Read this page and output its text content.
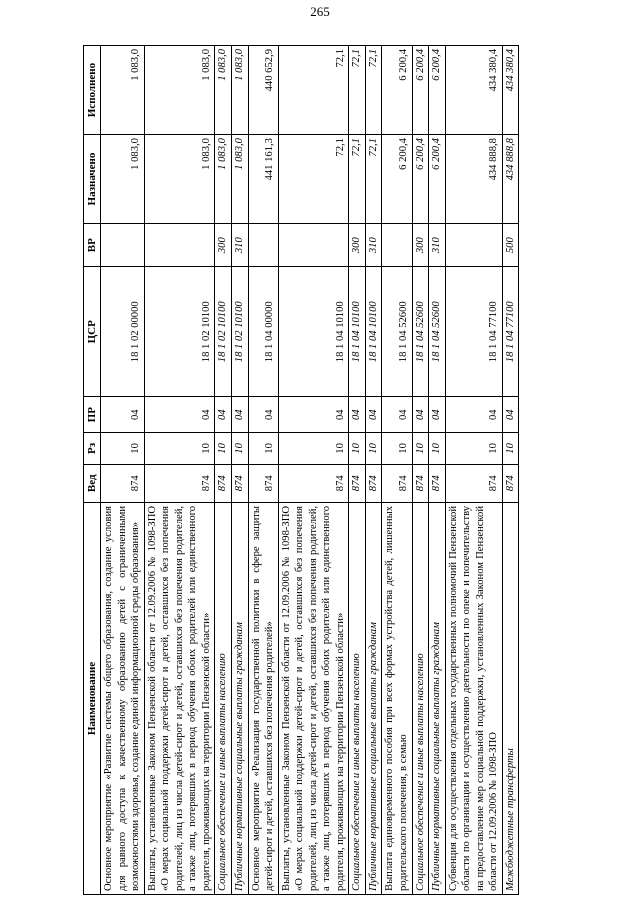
265
Наименование	Вед	Рз	ПР	ЦСР	ВР	Назначено	Исполнено
Основное мероприятие «Развитие системы общего образования, создание условия для равного доступа к качественному образованию детей с ограниченными возможностями здоровья, создание единой информационной среды образования»	874	10	04	18 1 02 00000		1 083,0	1 083,0
Выплаты, установленные Законом Пензенской области от 12.09.2006 № 1098-ЗПО «О мерах социальной поддержки детей-сирот и детей, оставшихся без попечения родителей, лиц из числа детей-сирот и детей, оставшихся без попечения родителей, а также лиц, потерявших в период обучения обоих родителей или единственного родителя, проживающих на территории Пензенской области»	874	10	04	18 1 02 10100		1 083,0	1 083,0
Социальное обеспечение и иные выплаты населению	874	10	04	18 1 02 10100	300	1 083,0	1 083,0
Публичные нормативные социальные выплаты гражданам	874	10	04	18 1 02 10100	310	1 083,0	1 083,0
Основное мероприятие «Реализация государственной политики в сфере защиты детей-сирот и детей, оставшихся без попечения родителей»	874	10	04	18 1 04 00000		441 161,3	440 652,9
Выплаты, установленные Законом Пензенской области от 12.09.2006 № 1098-ЗПО «О мерах социальной поддержки детей-сирот и детей, оставшихся без попечения родителей, лиц из числа детей-сирот и детей, оставшихся без попечения родителей, а также лиц, потерявших в период обучения обоих родителей или единственного родителя, проживающих на территории Пензенской области»	874	10	04	18 1 04 10100		72,1	72,1
Социальное обеспечение и иные выплаты населению	874	10	04	18 1 04 10100	300	72,1	72,1
Публичные нормативные социальные выплаты гражданам	874	10	04	18 1 04 10100	310	72,1	72,1
Выплата единовременного пособия при всех формах устройства детей, лишенных родительского попечения, в семью	874	10	04	18 1 04 52600		6 200,4	6 200,4
Социальное обеспечение и иные выплаты населению	874	10	04	18 1 04 52600	300	6 200,4	6 200,4
Публичные нормативные социальные выплаты гражданам	874	10	04	18 1 04 52600	310	6 200,4	6 200,4
Субвенция для осуществления отдельных государственных полномочий Пензенской области по организации и осуществлению деятельности по опеке и попечительству на предоставление мер социальной поддержки, установленных Законом Пензенской области от 12.09.2006 № 1098-ЗПО	874	10	04	18 1 04 77100		434 888,8	434 380,4
Межбюджетные трансферты	874	10	04	18 1 04 77100	500	434 888,8	434 380,4
